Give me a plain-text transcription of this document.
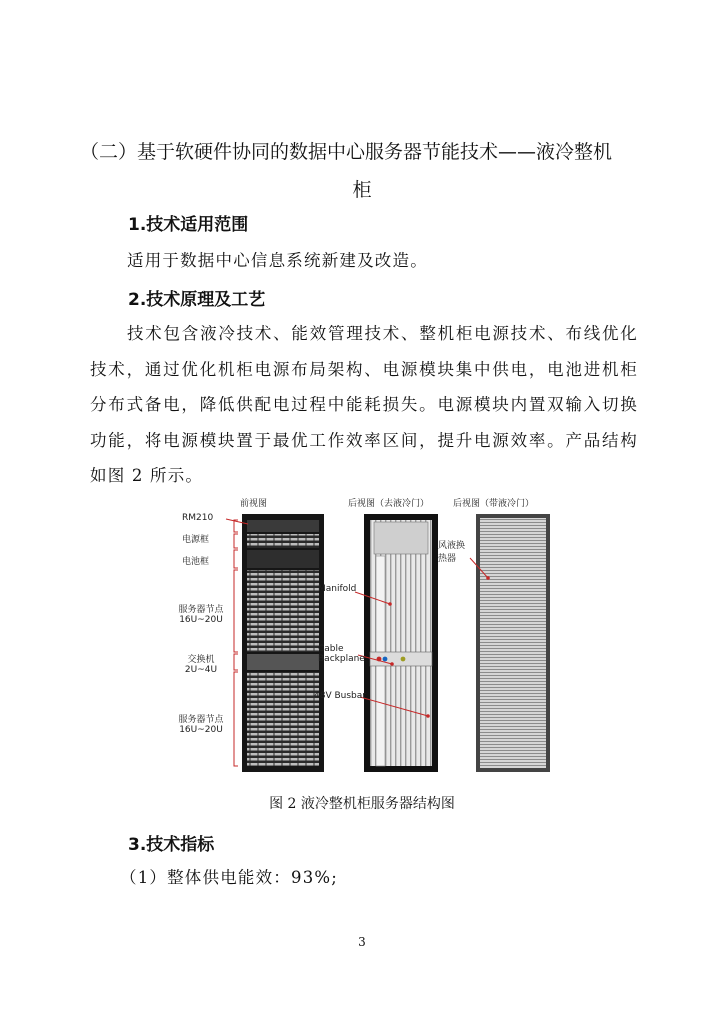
（二）基于软硬件协同的数据中心服务器节能技术——液冷整机
柜
1.技术适用范围
适用于数据中心信息系统新建及改造。
2.技术原理及工艺
技术包含液冷技术、能效管理技术、整机柜电源技术、布线优化技术，通过优化机柜电源布局架构、电源模块集中供电，电池进机柜分布式备电，降低供配电过程中能耗损失。电源模块内置双输入切换功能，将电源模块置于最优工作效率区间，提升电源效率。产品结构如图 2 所示。
前视图	后视图（去液冷门）	后视图（带液冷门）
RM210
电源框
电池框
服务器节点
16U~20U
交换机
2U~4U
服务器节点
16U~20U
Manifold
Cable
Backplane
48V Busbar
风液换
热器
图 2 液冷整机柜服务器结构图
3.技术指标
（1）整体供电能效：93%;
3
